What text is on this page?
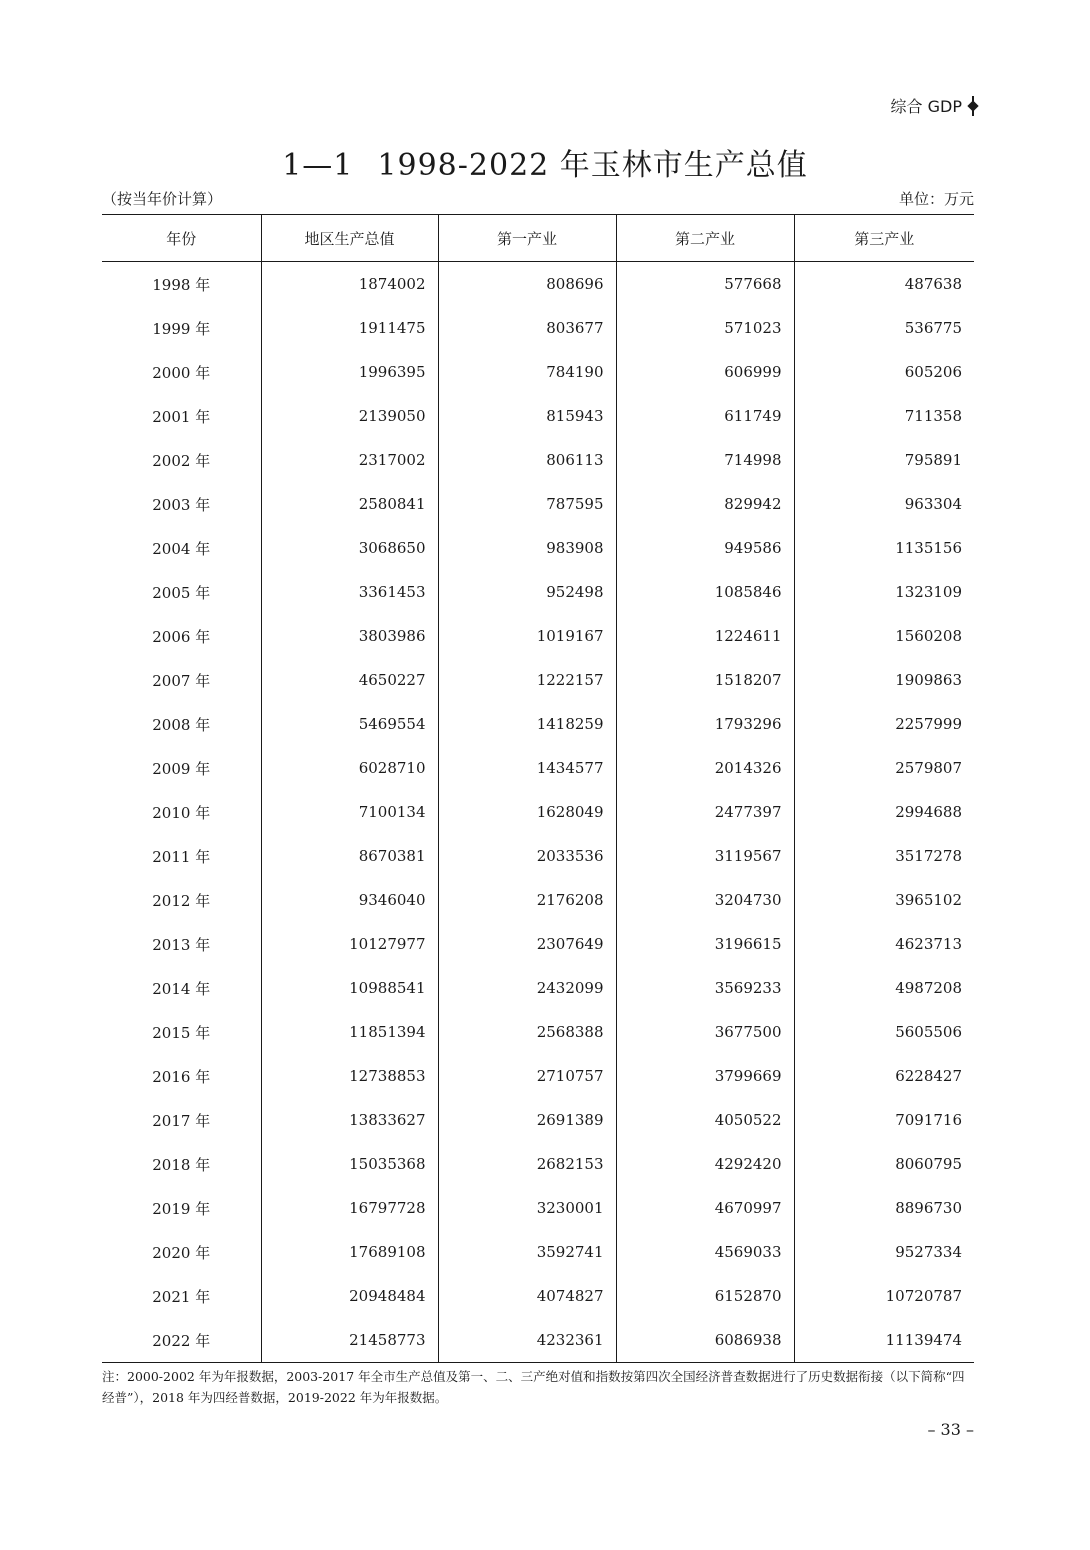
综合 GDP
1—1 1998-2022 年玉林市生产总值
（按当年价计算）	单位：万元
年份	地区生产总值	第一产业	第二产业	第三产业
1998 年	1874002	808696	577668	487638
1999 年	1911475	803677	571023	536775
2000 年	1996395	784190	606999	605206
2001 年	2139050	815943	611749	711358
2002 年	2317002	806113	714998	795891
2003 年	2580841	787595	829942	963304
2004 年	3068650	983908	949586	1135156
2005 年	3361453	952498	1085846	1323109
2006 年	3803986	1019167	1224611	1560208
2007 年	4650227	1222157	1518207	1909863
2008 年	5469554	1418259	1793296	2257999
2009 年	6028710	1434577	2014326	2579807
2010 年	7100134	1628049	2477397	2994688
2011 年	8670381	2033536	3119567	3517278
2012 年	9346040	2176208	3204730	3965102
2013 年	10127977	2307649	3196615	4623713
2014 年	10988541	2432099	3569233	4987208
2015 年	11851394	2568388	3677500	5605506
2016 年	12738853	2710757	3799669	6228427
2017 年	13833627	2691389	4050522	7091716
2018 年	15035368	2682153	4292420	8060795
2019 年	16797728	3230001	4670997	8896730
2020 年	17689108	3592741	4569033	9527334
2021 年	20948484	4074827	6152870	10720787
2022 年	21458773	4232361	6086938	11139474
注：2000-2002 年为年报数据，2003-2017 年全市生产总值及第一、二、三产绝对值和指数按第四次全国经济普查数据进行了历史数据衔接（以下简称“四经普”），2018 年为四经普数据，2019-2022 年为年报数据。
– 33 –
